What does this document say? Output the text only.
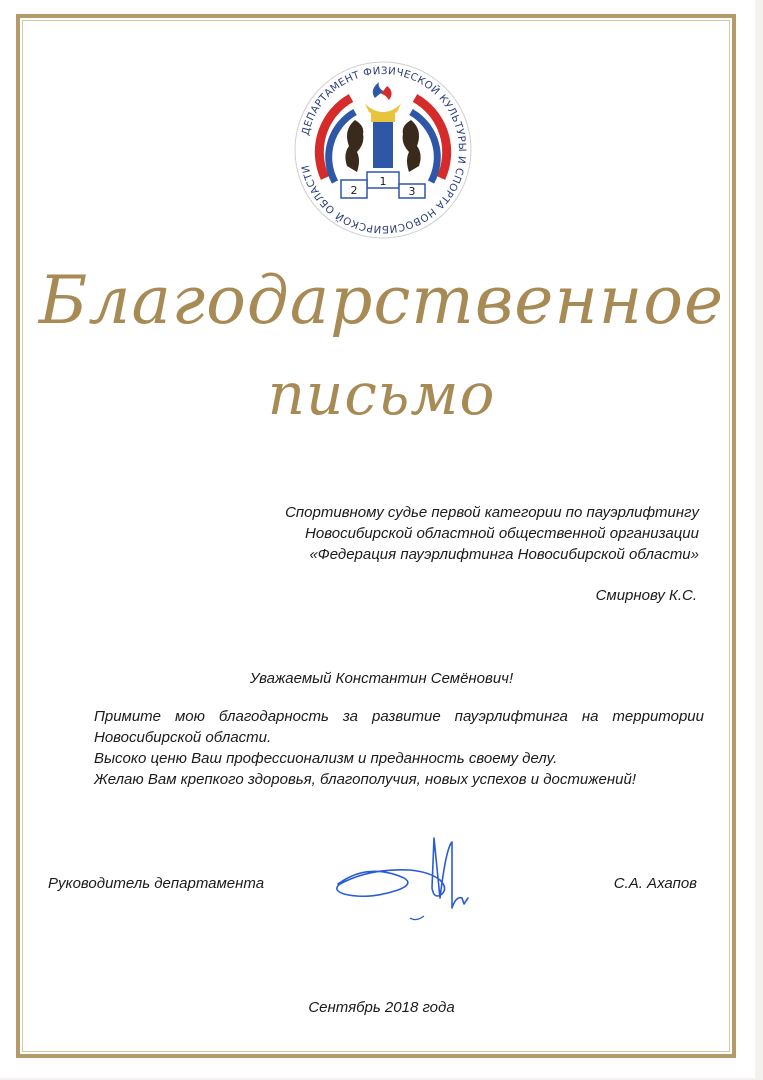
ДЕПАРТАМЕНТ ФИЗИЧЕСКОЙ КУЛЬТУРЫ И СПОРТА НОВОСИБИРСКОЙ ОБЛАСТИ
2
1
3
Благодарственное
письмо
Спортивному судье первой категории по пауэрлифтингу
Новосибирской областной общественной организации
«Федерация пауэрлифтинга Новосибирской области»
Смирнову К.С.
Уважаемый Константин Семёнович!
Примите мою благодарность за развитие пауэрлифтинга на территории Новосибирской области.
Высоко ценю Ваш профессионализм и преданность своему делу.
Желаю Вам крепкого здоровья, благополучия, новых успехов и достижений!
Руководитель департамента	С.А. Ахапов
Сентябрь 2018 года
